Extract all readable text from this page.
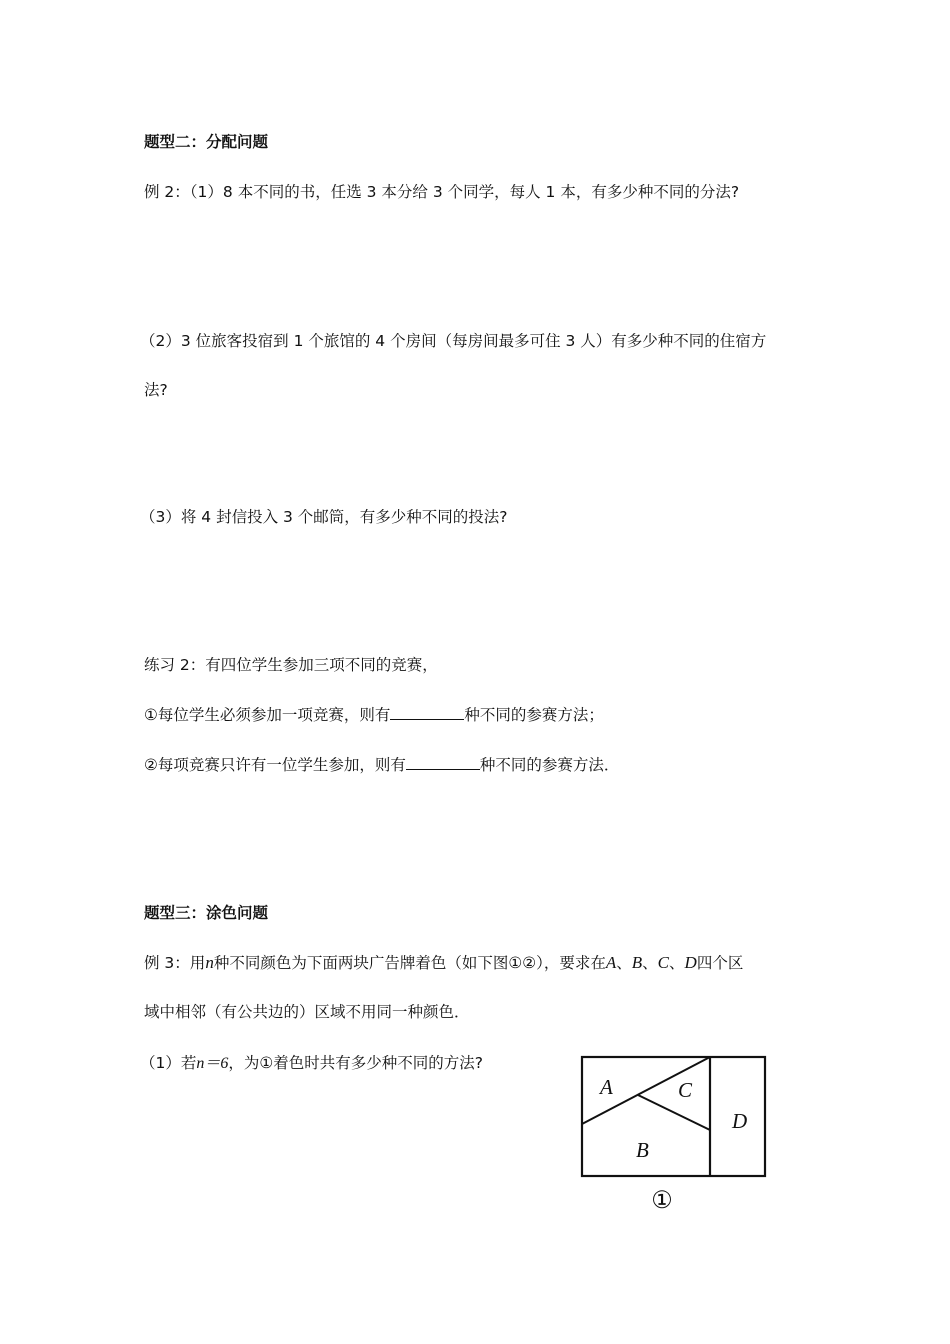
题型二：分配问题
例 2：（1）8 本不同的书，任选 3 本分给 3 个同学，每人 1 本，有多少种不同的分法?
（2）3 位旅客投宿到 1 个旅馆的 4 个房间（每房间最多可住 3 人）有多少种不同的住宿方
法?
（3）将 4 封信投入 3 个邮筒，有多少种不同的投法?
练习 2：有四位学生参加三项不同的竞赛，
①每位学生必须参加一项竞赛，则有	种不同的参赛方法；
②每项竞赛只许有一位学生参加，则有	种不同的参赛方法．
题型三：涂色问题
例 3：用n种不同颜色为下面两块广告牌着色（如下图①②），要求在A、B、C、D四个区
域中相邻（有公共边的）区域不用同一种颜色．
（1）若n＝6，为①着色时共有多少种不同的方法?
A	C
D
B
①
